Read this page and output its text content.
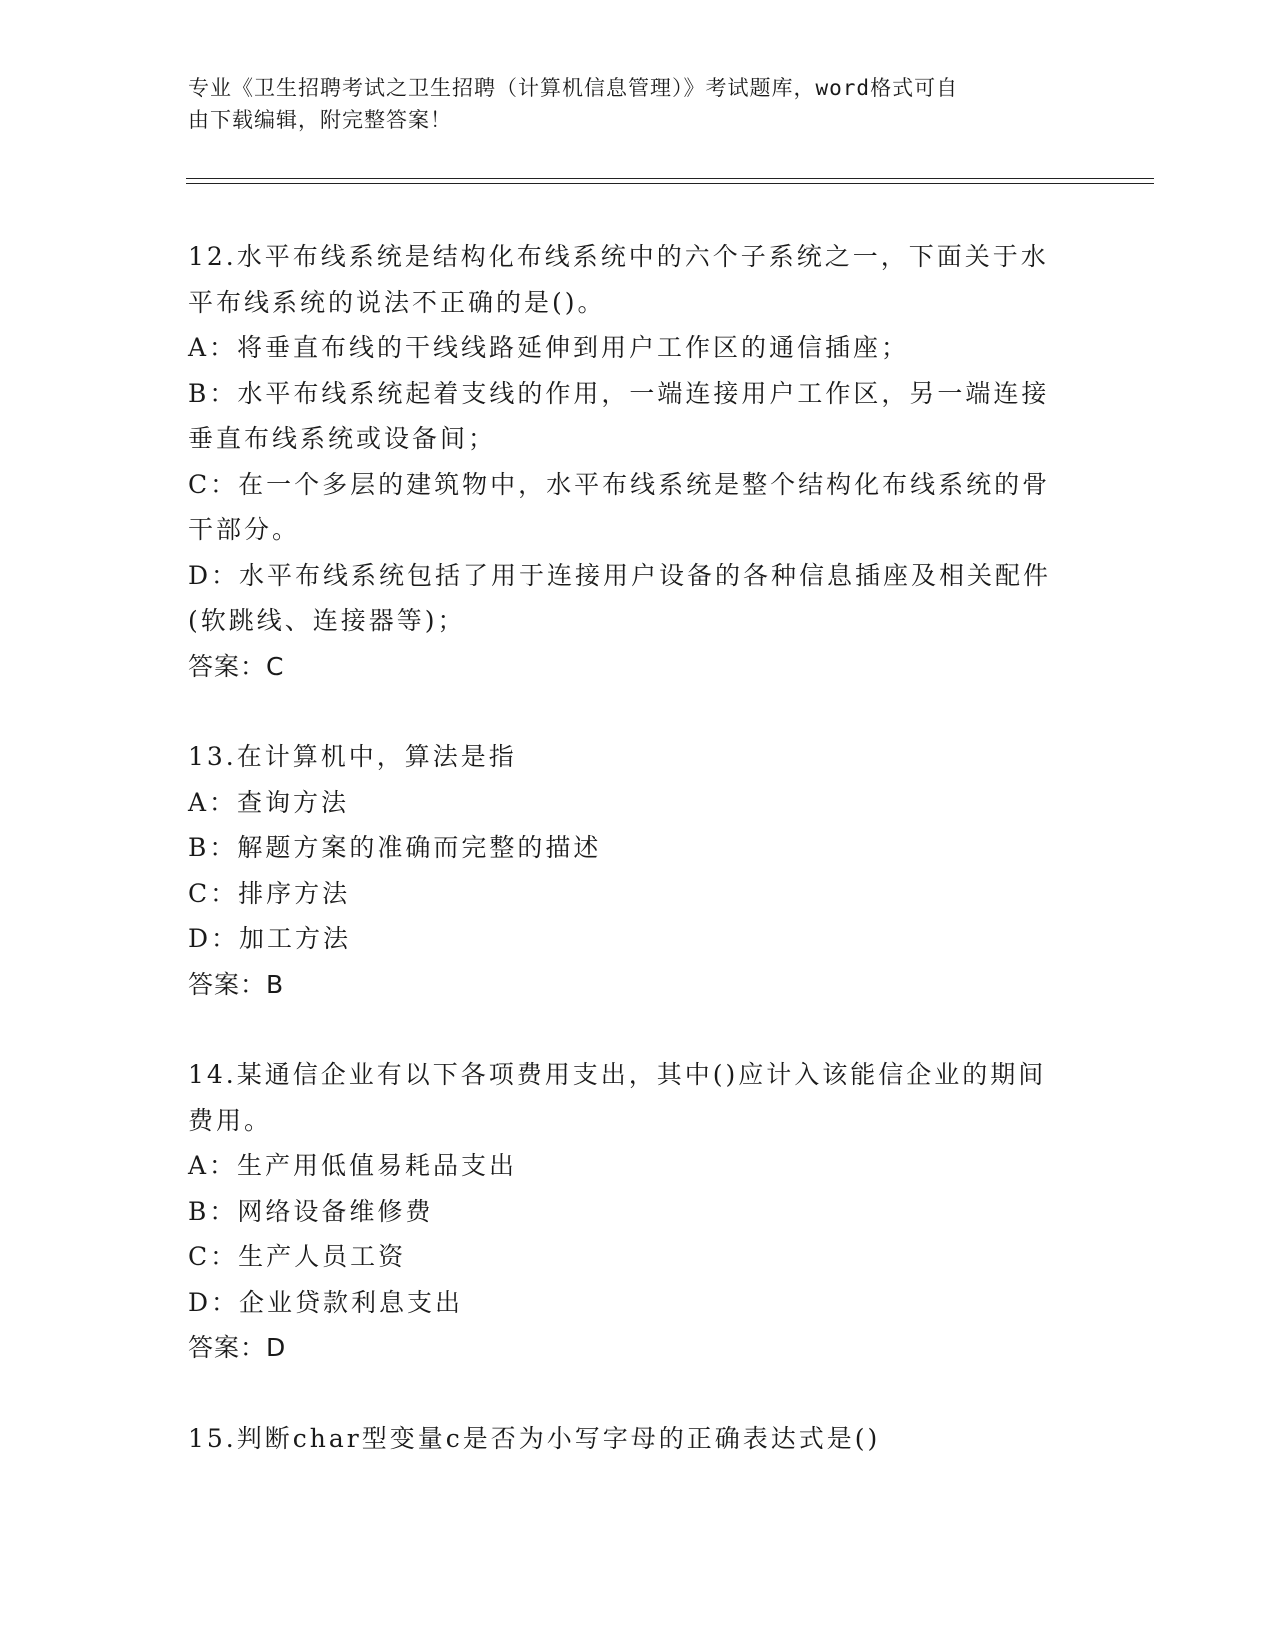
专业《卫生招聘考试之卫生招聘（计算机信息管理）》考试题库，word格式可自
由下载编辑，附完整答案！
12.水平布线系统是结构化布线系统中的六个子系统之一，下面关于水
平布线系统的说法不正确的是()。
A：将垂直布线的干线线路延伸到用户工作区的通信插座；
B：水平布线系统起着支线的作用，一端连接用户工作区，另一端连接
垂直布线系统或设备间；
C：在一个多层的建筑物中，水平布线系统是整个结构化布线系统的骨
干部分。
D：水平布线系统包括了用于连接用户设备的各种信息插座及相关配件
(软跳线、连接器等)；
答案：C
13.在计算机中，算法是指
A：查询方法
B：解题方案的准确而完整的描述
C：排序方法
D：加工方法
答案：B
14.某通信企业有以下各项费用支出，其中()应计入该能信企业的期间
费用。
A：生产用低值易耗品支出
B：网络设备维修费
C：生产人员工资
D：企业贷款利息支出
答案：D
15.判断char型变量c是否为小写字母的正确表达式是()
